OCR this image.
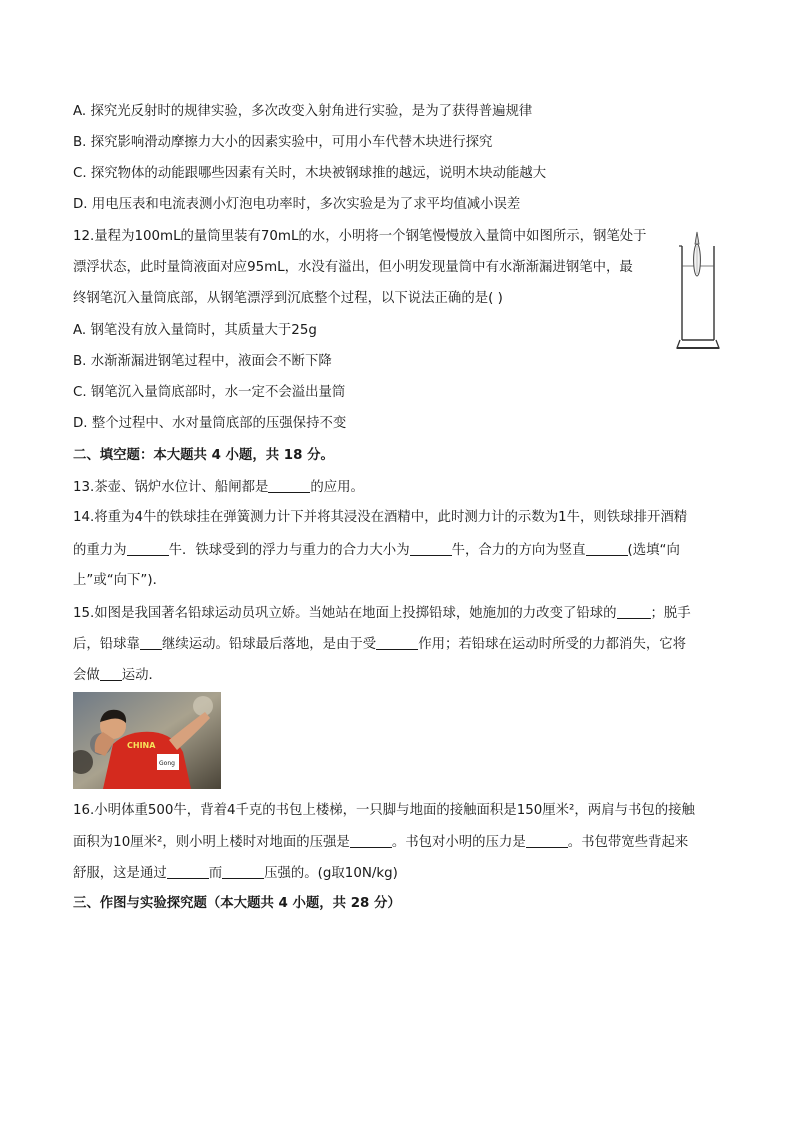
A. 探究光反射时的规律实验，多次改变入射角进行实验，是为了获得普遍规律
B. 探究影响滑动摩擦力大小的因素实验中，可用小车代替木块进行探究
C. 探究物体的动能跟哪些因素有关时，木块被钢球推的越远，说明木块动能越大
D. 用电压表和电流表测小灯泡电功率时，多次实验是为了求平均值减小误差
12.量程为100mL的量筒里装有70mL的水，小明将一个钢笔慢慢放入量筒中如图所示，钢笔处于
漂浮状态，此时量筒液面对应95mL，水没有溢出，但小明发现量筒中有水渐渐漏进钢笔中，最
终钢笔沉入量筒底部，从钢笔漂浮到沉底整个过程，以下说法正确的是( )
A. 钢笔没有放入量筒时，其质量大于25g
B. 水渐渐漏进钢笔过程中，液面会不断下降
C. 钢笔沉入量筒底部时，水一定不会溢出量筒
D. 整个过程中、水对量筒底部的压强保持不变
二、填空题：本大题共 4 小题，共 18 分。
13.茶壶、锅炉水位计、船闸都是	的应用。
14.将重为4牛的铁球挂在弹簧测力计下并将其浸没在酒精中，此时测力计的示数为1牛，则铁球排开酒精
的重力为	牛．铁球受到的浮力与重力的合力大小为	牛，合力的方向为竖直	(选填“向
上”或“向下”)．
15.如图是我国著名铅球运动员巩立娇。当她站在地面上投掷铅球，她施加的力改变了铅球的	；脱手
后，铅球靠 继续运动。铅球最后落地，是由于受	作用；若铅球在运动时所受的力都消失，它将
会做 运动．
CHINA
Gong
16.小明体重500牛，背着4千克的书包上楼梯，一只脚与地面的接触面积是150厘米²，两肩与书包的接触
面积为10厘米²，则小明上楼时对地面的压强是	。书包对小明的压力是	。书包带宽些背起来
舒服，这是通过	而	压强的。(g取10N/kg)
三、作图与实验探究题（本大题共 4 小题，共 28 分）
